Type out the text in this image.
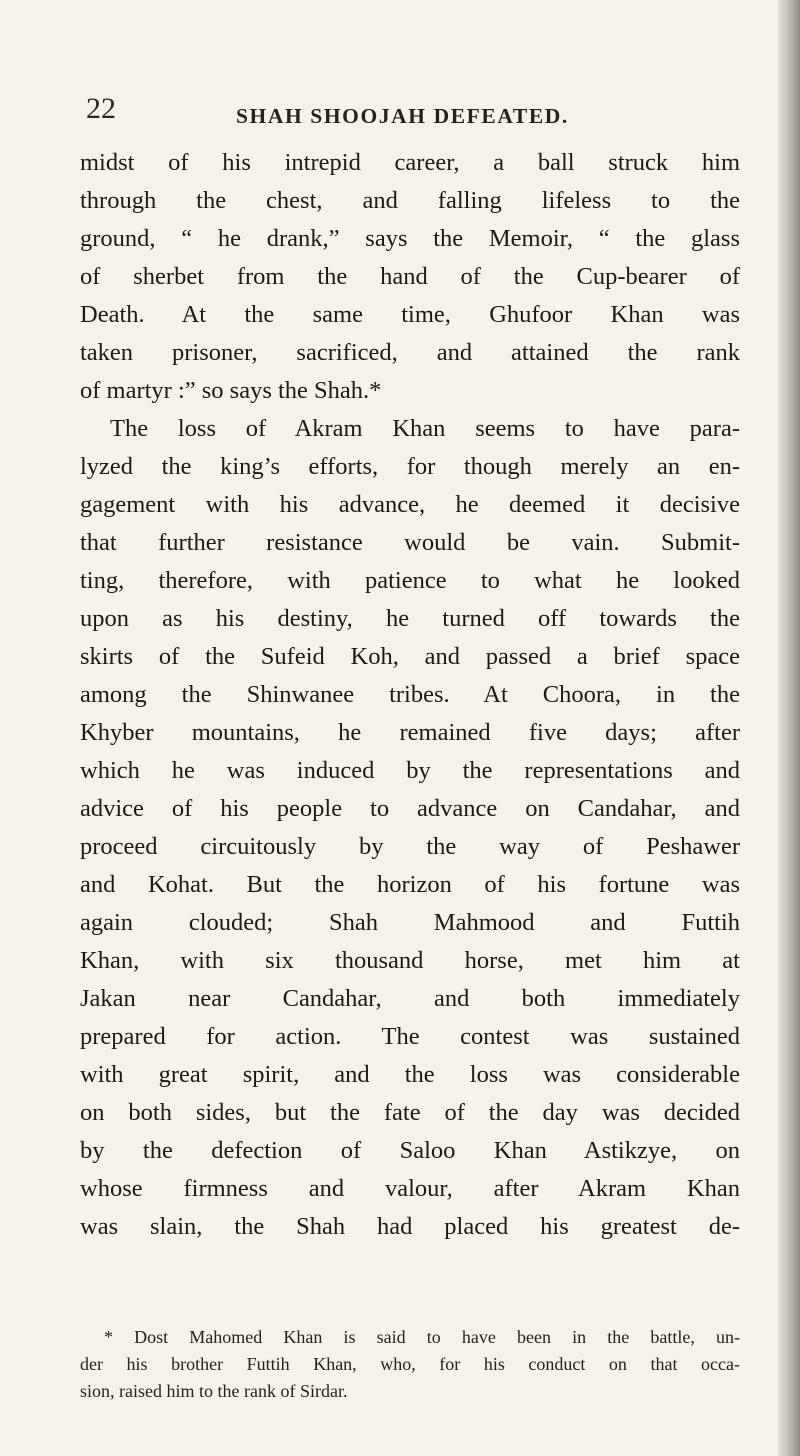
22	SHAH SHOOJAH DEFEATED.
midst of his intrepid career, a ball struck him
through the chest, and falling lifeless to the
ground, “ he drank,” says the Memoir, “ the glass
of sherbet from the hand of the Cup-bearer of
Death. At the same time, Ghufoor Khan was
taken prisoner, sacrificed, and attained the rank
of martyr :” so says the Shah.*
The loss of Akram Khan seems to have para-
lyzed the king’s efforts, for though merely an en-
gagement with his advance, he deemed it decisive
that further resistance would be vain. Submit-
ting, therefore, with patience to what he looked
upon as his destiny, he turned off towards the
skirts of the Sufeid Koh, and passed a brief space
among the Shinwanee tribes. At Choora, in the
Khyber mountains, he remained five days; after
which he was induced by the representations and
advice of his people to advance on Candahar, and
proceed circuitously by the way of Peshawer
and Kohat. But the horizon of his fortune was
again clouded; Shah Mahmood and Futtih
Khan, with six thousand horse, met him at
Jakan near Candahar, and both immediately
prepared for action. The contest was sustained
with great spirit, and the loss was considerable
on both sides, but the fate of the day was decided
by the defection of Saloo Khan Astikzye, on
whose firmness and valour, after Akram Khan
was slain, the Shah had placed his greatest de-
* Dost Mahomed Khan is said to have been in the battle, un-
der his brother Futtih Khan, who, for his conduct on that occa-
sion, raised him to the rank of Sirdar.
